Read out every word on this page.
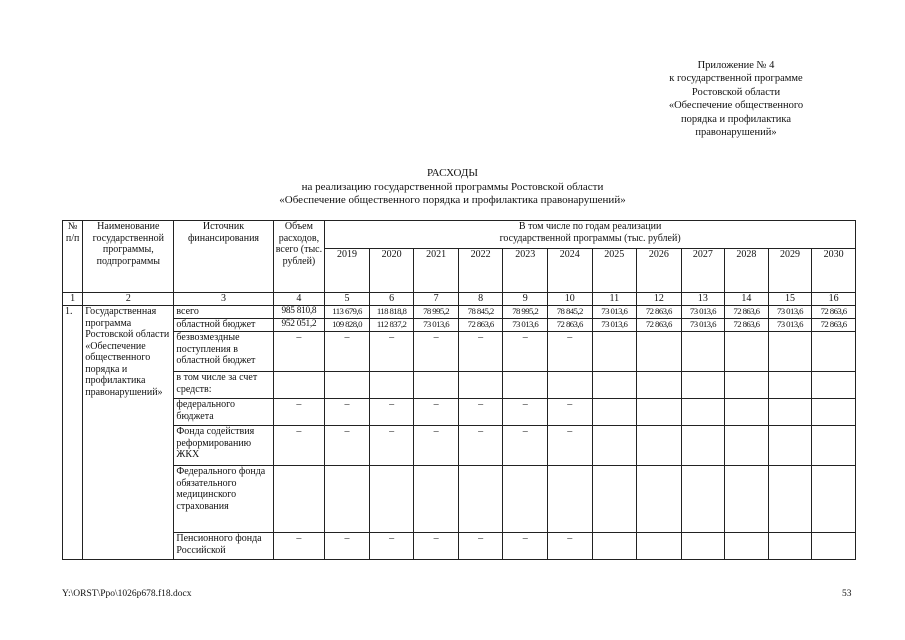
Приложение № 4
к государственной программе
Ростовской области
«Обеспечение общественного
порядка и профилактика
правонарушений»
РАСХОДЫ
на реализацию государственной программы Ростовской области
«Обеспечение общественного порядка и профилактика правонарушений»
№ п/п	Наименование государственной программы, подпрограммы	Источник финансирования	Объем расходов, всего (тыс. рублей)	В том числе по годам реализации
государственной программы (тыс. рублей)											

				2019	2020	2021	2022	2023	2024	2025	2026	2027	2028	2029	2030
1	2	3	4	5	6	7	8	9	10	11	12	13	14	15	16
1.	Государственная программа Ростовской области «Обеспечение общественного порядка и профилактика правонарушений»	всего	985 810,8	113 679,6	118 818,8	78 995,2	78 845,2	78 995,2	78 845,2	73 013,6	72 863,6	73 013,6	72 863,6	73 013,6	72 863,6
		областной бюджет	952 051,2	109 828,0	112 837,2	73 013,6	72 863,6	73 013,6	72 863,6	73 013,6	72 863,6	73 013,6	72 863,6	73 013,6	72 863,6
		безвозмездные поступления в областной бюджет	–	–	–	–	–	–	–						
		в том числе за счет средств:													
		федерального бюджета	–	–	–	–	–	–	–						
		Фонда содействия реформированию ЖКХ	–	–	–	–	–	–	–						
		Федерального фонда обязательного медицинского страхования													
		Пенсионного фонда Российской	–	–	–	–	–	–	–						
Y:\ORST\Ppo\1026p678.f18.docx	53
